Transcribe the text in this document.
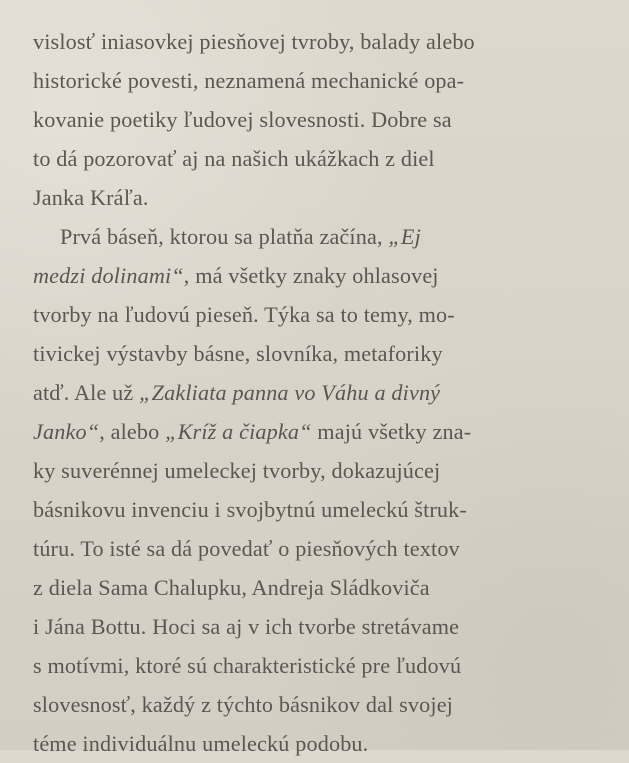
vislosť iniasovkej piesňovej tvroby, balady alebo
historické povesti, neznamená mechanické opa-
kovanie poetiky ľudovej slovesnosti. Dobre sa
to dá pozorovať aj na našich ukážkach z diel
Janka Kráľa.
Prvá báseň, ktorou sa platňa začína, „Ej
medzi dolinami“, má všetky znaky ohlasovej
tvorby na ľudovú pieseň. Týka sa to temy, mo-
tivickej výstavby básne, slovníka, metaforiky
atď. Ale už „Zakliata panna vo Váhu a divný
Janko“, alebo „Kríž a čiapka“ majú všetky zna-
ky suverénnej umeleckej tvorby, dokazujúcej
básnikovu invenciu i svojbytnú umeleckú štruk-
túru. To isté sa dá povedať o piesňových textov
z diela Sama Chalupku, Andreja Sládkoviča
i Jána Bottu. Hoci sa aj v ich tvorbe stretávame
s motívmi, ktoré sú charakteristické pre ľudovú
slovesnosť, každý z týchto básnikov dal svojej
téme individuálnu umeleckú podobu.
